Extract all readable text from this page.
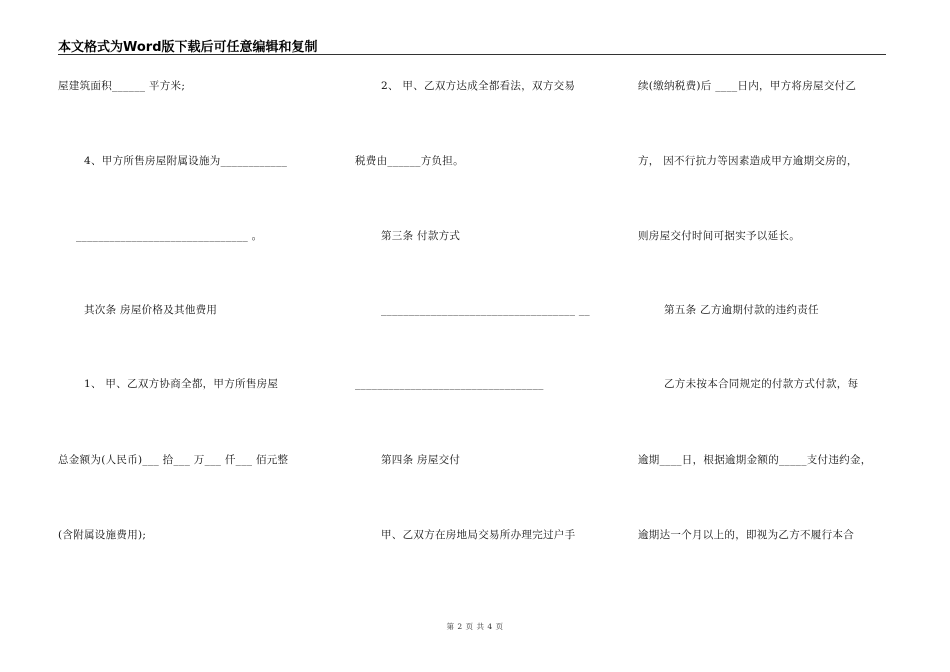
本文格式为Word版下载后可任意编辑和复制
屋建筑面积______ 平方米;
4、甲方所售房屋附属设施为____________
_______________________________ 。
其次条 房屋价格及其他费用
1、 甲、乙双方协商全都，甲方所售房屋
总金额为(人民币)___ 拾___ 万___ 仟___ 佰元整
(含附属设施费用);
2、 甲、乙双方达成全都看法，双方交易
税费由______方负担。
第三条 付款方式
___________________________________ __
__________________________________
第四条 房屋交付
甲、乙双方在房地局交易所办理完过户手
续(缴纳税费)后 ____日内，甲方将房屋交付乙
方， 因不行抗力等因素造成甲方逾期交房的，
则房屋交付时间可据实予以延长。
第五条 乙方逾期付款的违约责任
乙方未按本合同规定的付款方式付款，每
逾期____日，根据逾期金额的_____支付违约金，
逾期达一个月以上的，即视为乙方不履行本合
第 2 页 共 4 页
